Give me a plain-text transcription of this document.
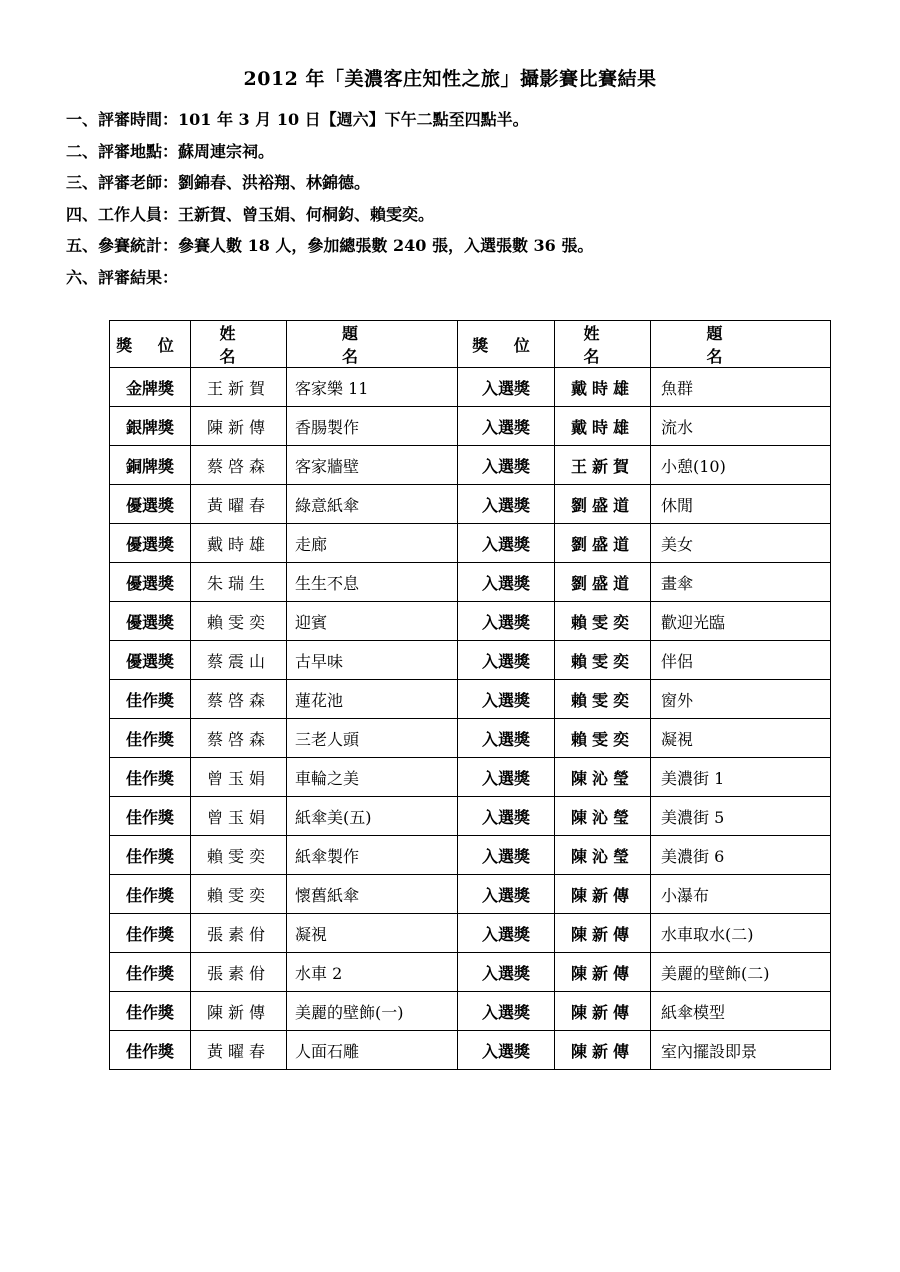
2012 年「美濃客庄知性之旅」攝影賽比賽結果
一、評審時間：101 年 3 月 10 日【週六】下午二點至四點半。
二、評審地點：蘇周連宗祠。
三、評審老師：劉錦春、洪裕翔、林錦德。
四、工作人員：王新賀、曾玉娟、何桐鈞、賴雯奕。
五、參賽統計：參賽人數 18 人，參加總張數 240 張，入選張數 36 張。
六、評審結果：
獎 位	姓 名	題 名	獎 位	姓 名	題 名
金牌獎	王新賀	客家樂 11	入選獎	戴時雄	魚群
銀牌獎	陳新傳	香腸製作	入選獎	戴時雄	流水
銅牌獎	蔡啓森	客家牆壁	入選獎	王新賀	小憩(10)
優選獎	黃曜春	綠意紙傘	入選獎	劉盛道	休閒
優選獎	戴時雄	走廊	入選獎	劉盛道	美女
優選獎	朱瑞生	生生不息	入選獎	劉盛道	畫傘
優選獎	賴雯奕	迎賓	入選獎	賴雯奕	歡迎光臨
優選獎	蔡震山	古早味	入選獎	賴雯奕	伴侶
佳作獎	蔡啓森	蓮花池	入選獎	賴雯奕	窗外
佳作獎	蔡啓森	三老人頭	入選獎	賴雯奕	凝視
佳作獎	曾玉娟	車輪之美	入選獎	陳沁瑩	美濃街 1
佳作獎	曾玉娟	紙傘美(五)	入選獎	陳沁瑩	美濃街 5
佳作獎	賴雯奕	紙傘製作	入選獎	陳沁瑩	美濃街 6
佳作獎	賴雯奕	懷舊紙傘	入選獎	陳新傳	小瀑布
佳作獎	張素佾	凝視	入選獎	陳新傳	水車取水(二)
佳作獎	張素佾	水車 2	入選獎	陳新傳	美麗的壁飾(二)
佳作獎	陳新傳	美麗的壁飾(一)	入選獎	陳新傳	紙傘模型
佳作獎	黃曜春	人面石雕	入選獎	陳新傳	室內擺設即景
